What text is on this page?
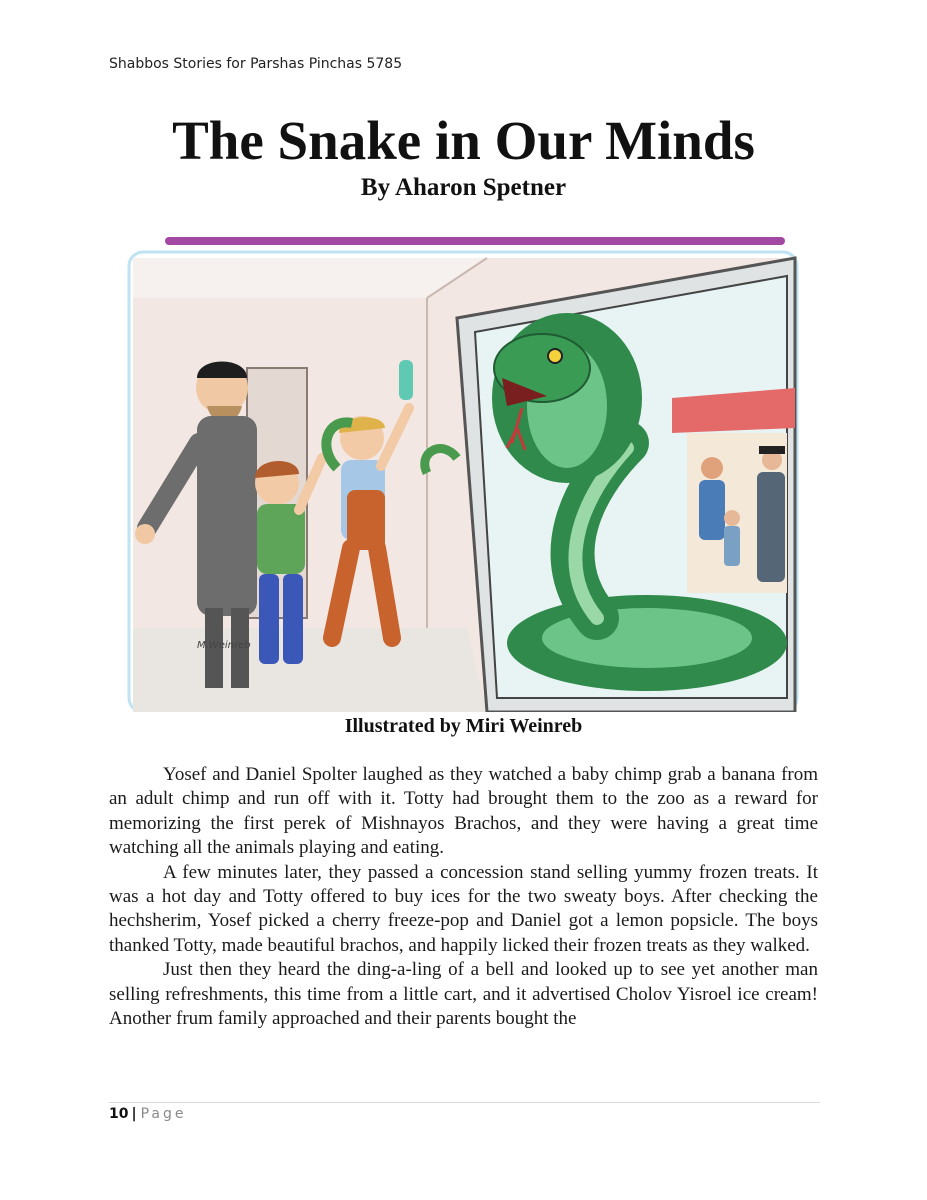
Shabbos Stories for Parshas Pinchas 5785
The Snake in Our Minds
By Aharon Spetner
M.Weinreb
Illustrated by Miri Weinreb

Yosef and Daniel Spolter laughed as they watched a baby chimp grab a banana from an adult chimp and run off with it. Totty had brought them to the zoo as a reward for memorizing the first perek of Mishnayos Brachos, and they were having a great time watching all the animals playing and eating.

A few minutes later, they passed a concession stand selling yummy frozen treats. It was a hot day and Totty offered to buy ices for the two sweaty boys. After checking the hechsherim, Yosef picked a cherry freeze-pop and Daniel got a lemon popsicle. The boys thanked Totty, made beautiful brachos, and happily licked their frozen treats as they walked.

Just then they heard the ding-a-ling of a bell and looked up to see yet another man selling refreshments, this time from a little cart, and it advertised Cholov Yisroel ice cream! Another frum family approached and their parents bought the

10 | Page
